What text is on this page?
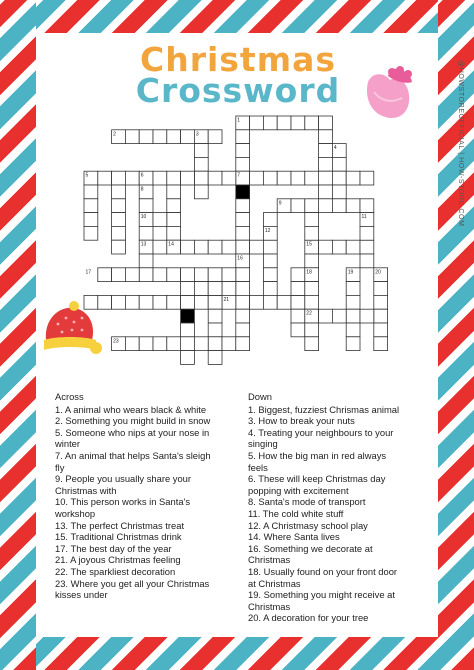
@HOWSTOREOFFICIAL | HOW-STORE.COM
Christmas
Crossword
1
2	3
4
5	6	7
8
9
10	11
12
13	14	15
16
17	18	19	20
21
22
23
Across
1. A animal who wears black & white
2. Something you might build in snow
5. Someone who nips at your nose in
winter
7. An animal that helps Santa's sleigh
fly
9. People you usually share your
Christmas with
10. This person works in Santa's
workshop
13. The perfect Christmas treat
15. Traditional Christmas drink
17. The best day of the year
21. A joyous Christmas feeling
22. The sparkliest decoration
23. Where you get all your Christmas
kisses under
Down
1. Biggest, fuzziest Chrismas animal
3. How to break your nuts
4. Treating your neighbours to your
singing
5. How the big man in red always
feels
6. These will keep Christmas day
popping with excitement
8. Santa's mode of transport
11. The cold white stuff
12. A Christmasy school play
14. Where Santa lives
16. Something we decorate at
Christmas
18. Usually found on your front door
at Christmas
19. Something you might receive at
Christmas
20. A decoration for your tree
